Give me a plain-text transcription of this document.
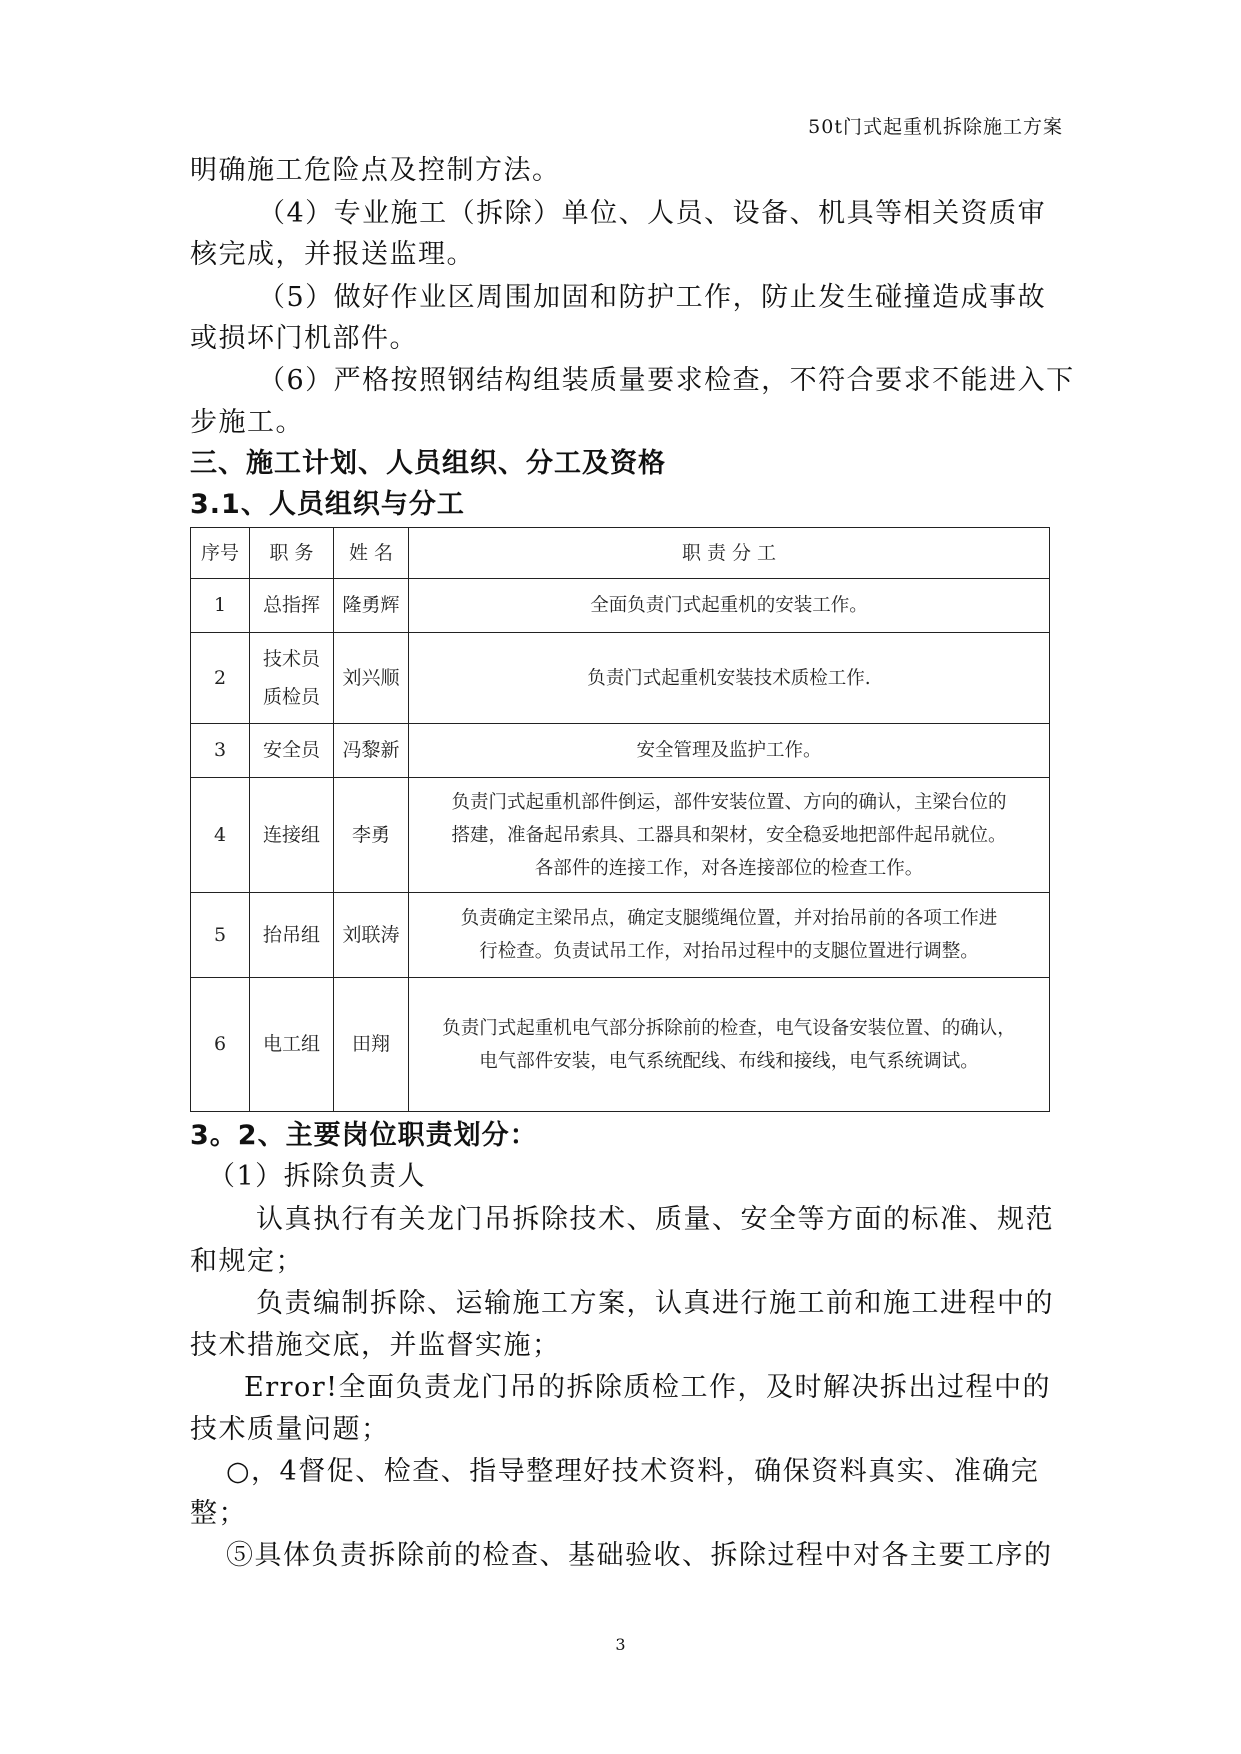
50t门式起重机拆除施工方案

明确施工危险点及控制方法。

（4）专业施工（拆除）单位、人员、设备、机具等相关资质审

核完成，并报送监理。

（5）做好作业区周围加固和防护工作，防止发生碰撞造成事故

或损坏门机部件。

（6）严格按照钢结构组装质量要求检查，不符合要求不能进入下

步施工。

三、施工计划、人员组织、分工及资格
3.1、人员组织与分工
序号	职 务	姓 名	职 责 分 工
1	总指挥	隆勇辉	全面负责门式起重机的安装工作。
2	技术员
质检员	刘兴顺	负责门式起重机安装技术质检工作.
3	安全员	冯黎新	安全管理及监护工作。
4	连接组	李勇	负责门式起重机部件倒运，部件安装位置、方向的确认，主梁台位的
搭建，准备起吊索具、工器具和架材，安全稳妥地把部件起吊就位。
各部件的连接工作，对各连接部位的检查工作。
5	抬吊组	刘联涛	负责确定主梁吊点，确定支腿缆绳位置，并对抬吊前的各项工作进
行检查。负责试吊工作，对抬吊过程中的支腿位置进行调整。
6	电工组	田翔	负责门式起重机电气部分拆除前的检查，电气设备安装位置、的确认，
电气部件安装，电气系统配线、布线和接线，电气系统调试。
3。2、主要岗位职责划分：

（1）拆除负责人

认真执行有关龙门吊拆除技术、质量、安全等方面的标准、规范

和规定；

负责编制拆除、运输施工方案，认真进行施工前和施工进程中的

技术措施交底，并监督实施；

Error!全面负责龙门吊的拆除质检工作，及时解决拆出过程中的

技术质量问题；

○，4督促、检查、指导整理好技术资料，确保资料真实、准确完

整；

⑤具体负责拆除前的检查、基础验收、拆除过程中对各主要工序的

3
